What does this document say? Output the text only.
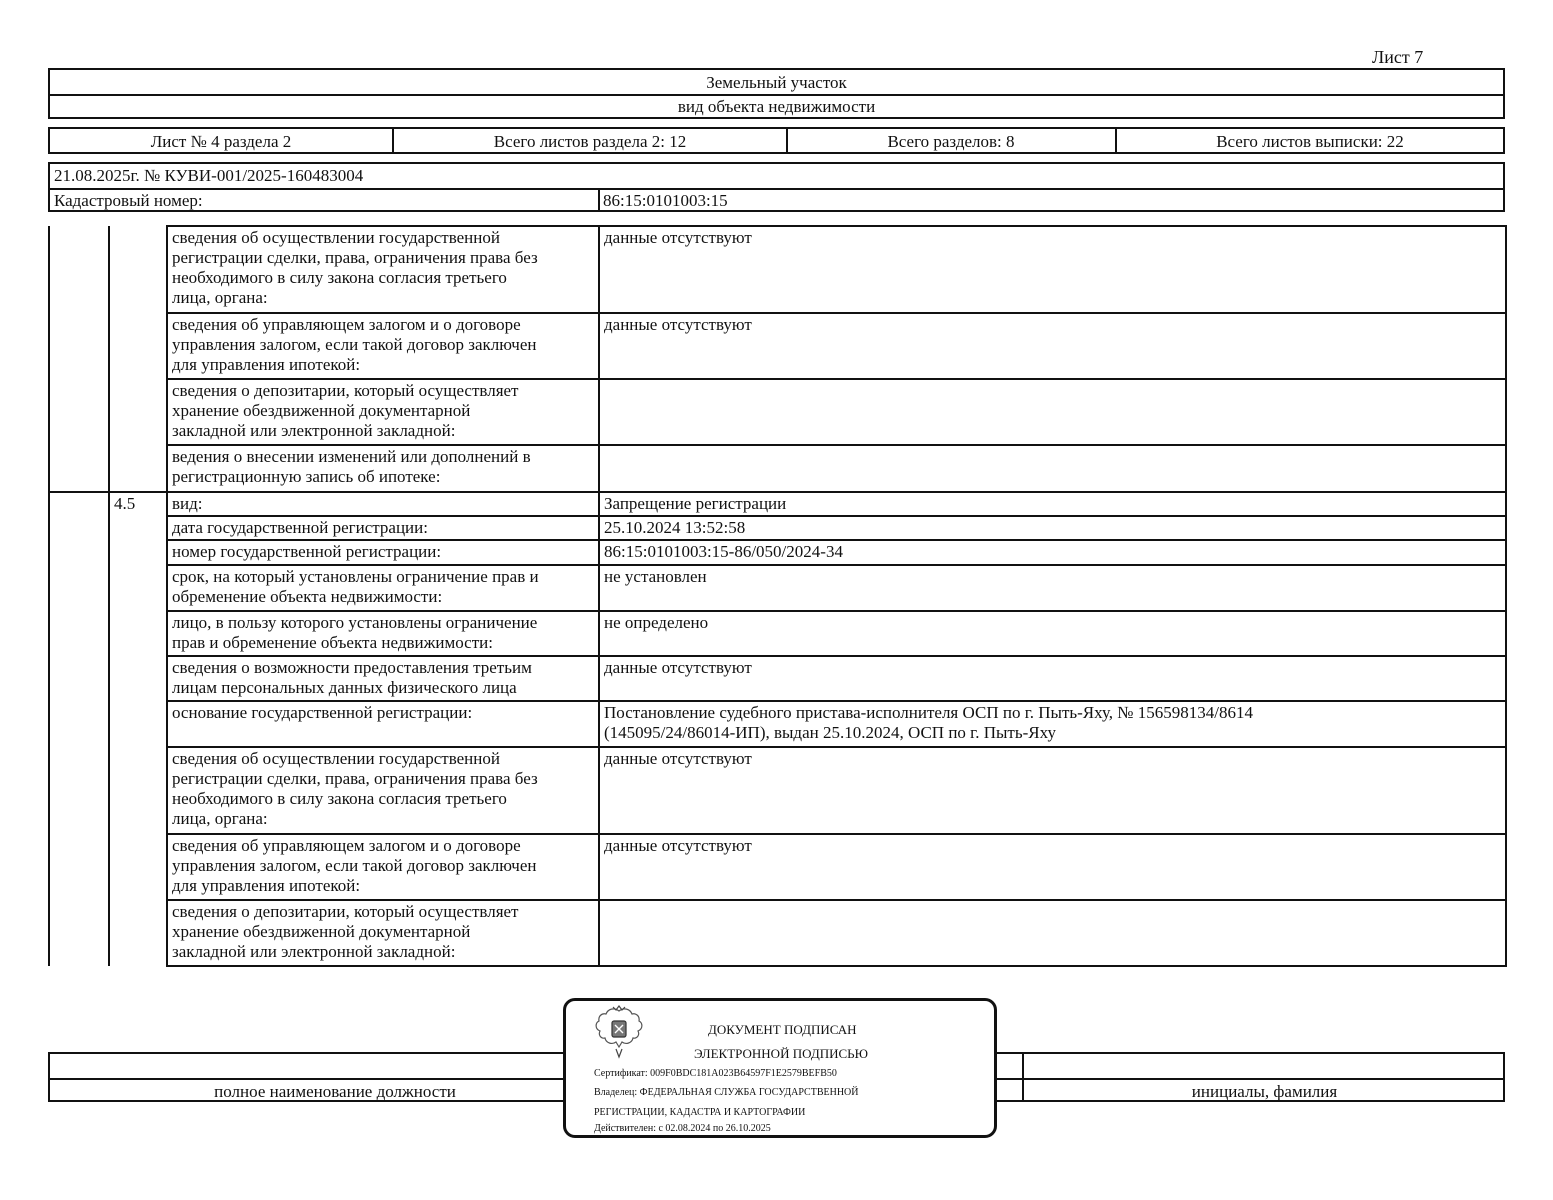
Лист 7
Земельный участок
вид объекта недвижимости
Лист № 4 раздела 2	Всего листов раздела 2: 12	Всего разделов: 8	Всего листов выписки: 22
21.08.2025г. № КУВИ-001/2025-160483004
Кадастровый номер:	86:15:0101003:15
		сведения об осуществлении государственной
регистрации сделки, права, ограничения права без
необходимого в силу закона согласия третьего
лица, органа:	данные отсутствуют
		сведения об управляющем залогом и о договоре
управления залогом, если такой договор заключен
для управления ипотекой:	данные отсутствуют
		сведения о депозитарии, который осуществляет
хранение обездвиженной документарной
закладной или электронной закладной:	
		ведения о внесении изменений или дополнений в
регистрационную запись об ипотеке:	
	4.5	вид:	Запрещение регистрации
		дата государственной регистрации:	25.10.2024 13:52:58
		номер государственной регистрации:	86:15:0101003:15-86/050/2024-34
		срок, на который установлены ограничение прав и
обременение объекта недвижимости:	не установлен
		лицо, в пользу которого установлены ограничение
прав и обременение объекта недвижимости:	не определено
		сведения о возможности предоставления третьим
лицам персональных данных физического лица	данные отсутствуют
		основание государственной регистрации:	Постановление судебного пристава-исполнителя ОСП по г. Пыть-Яху, № 156598134/8614
(145095/24/86014-ИП), выдан 25.10.2024, ОСП по г. Пыть-Яху
		сведения об осуществлении государственной
регистрации сделки, права, ограничения права без
необходимого в силу закона согласия третьего
лица, органа:	данные отсутствуют
		сведения об управляющем залогом и о договоре
управления залогом, если такой договор заключен
для управления ипотекой:	данные отсутствуют
		сведения о депозитарии, который осуществляет
хранение обездвиженной документарной
закладной или электронной закладной:	
полное наименование должности	инициалы, фамилия
ДОКУМЕНТ ПОДПИСАН
ЭЛЕКТРОННОЙ ПОДПИСЬЮ
Сертификат: 009F0BDC181A023B64597F1E2579BEFB50
Владелец: ФЕДЕРАЛЬНАЯ СЛУЖБА ГОСУДАРСТВЕННОЙ
РЕГИСТРАЦИИ, КАДАСТРА И КАРТОГРАФИИ
Действителен: с 02.08.2024 по 26.10.2025
